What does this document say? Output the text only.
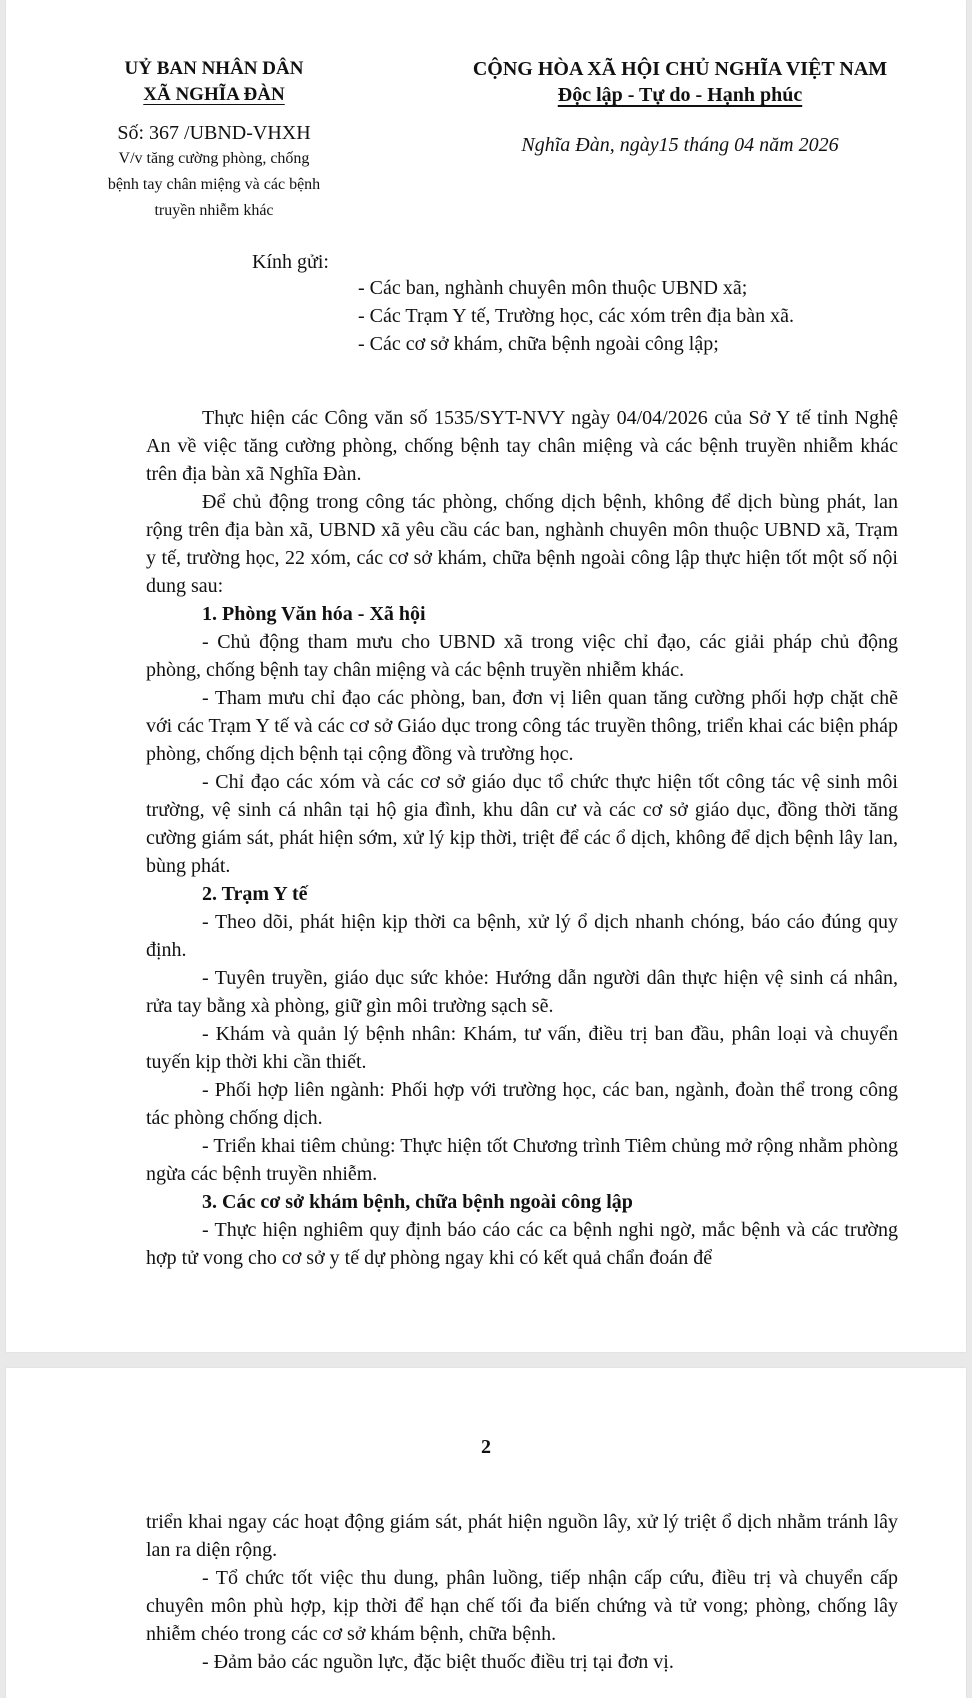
UỶ BAN NHÂN DÂN
XÃ NGHĨA ĐÀN
Số: 367 /UBND-VHXH
V/v tăng cường phòng, chống
bệnh tay chân miệng và các bệnh
truyền nhiễm khác
CỘNG HÒA XÃ HỘI CHỦ NGHĨA VIỆT NAM
Độc lập - Tự do - Hạnh phúc
Nghĩa Đàn, ngày15 tháng 04 năm 2026
Kính gửi:
- Các ban, nghành chuyên môn thuộc UBND xã;
- Các Trạm Y tế, Trường học, các xóm trên địa bàn xã.
- Các cơ sở khám, chữa bệnh ngoài công lập;

Thực hiện các Công văn số 1535/SYT-NVY ngày 04/04/2026 của Sở Y tế tỉnh Nghệ An về việc tăng cường phòng, chống bệnh tay chân miệng và các bệnh truyền nhiễm khác trên địa bàn xã Nghĩa Đàn.

Để chủ động trong công tác phòng, chống dịch bệnh, không để dịch bùng phát, lan rộng trên địa bàn xã, UBND xã yêu cầu các ban, nghành chuyên môn thuộc UBND xã, Trạm y tế, trường học, 22 xóm, các cơ sở khám, chữa bệnh ngoài công lập thực hiện tốt một số nội dung sau:

1. Phòng Văn hóa - Xã hội

- Chủ động tham mưu cho UBND xã trong việc chỉ đạo, các giải pháp chủ động phòng, chống bệnh tay chân miệng và các bệnh truyền nhiễm khác.

- Tham mưu chỉ đạo các phòng, ban, đơn vị liên quan tăng cường phối hợp chặt chẽ với các Trạm Y tế và các cơ sở Giáo dục trong công tác truyền thông, triển khai các biện pháp phòng, chống dịch bệnh tại cộng đồng và trường học.

- Chỉ đạo các xóm và các cơ sở giáo dục tổ chức thực hiện tốt công tác vệ sinh môi trường, vệ sinh cá nhân tại hộ gia đình, khu dân cư và các cơ sở giáo dục, đồng thời tăng cường giám sát, phát hiện sớm, xử lý kịp thời, triệt để các ổ dịch, không để dịch bệnh lây lan, bùng phát.

2. Trạm Y tế

- Theo dõi, phát hiện kịp thời ca bệnh, xử lý ổ dịch nhanh chóng, báo cáo đúng quy định.

- Tuyên truyền, giáo dục sức khỏe: Hướng dẫn người dân thực hiện vệ sinh cá nhân, rửa tay bằng xà phòng, giữ gìn môi trường sạch sẽ.

- Khám và quản lý bệnh nhân: Khám, tư vấn, điều trị ban đầu, phân loại và chuyển tuyến kịp thời khi cần thiết.

- Phối hợp liên ngành: Phối hợp với trường học, các ban, ngành, đoàn thể trong công tác phòng chống dịch.

- Triển khai tiêm chủng: Thực hiện tốt Chương trình Tiêm chủng mở rộng nhằm phòng ngừa các bệnh truyền nhiễm.

3. Các cơ sở khám bệnh, chữa bệnh ngoài công lập

- Thực hiện nghiêm quy định báo cáo các ca bệnh nghi ngờ, mắc bệnh và các trường hợp tử vong cho cơ sở y tế dự phòng ngay khi có kết quả chẩn đoán để

2

triển khai ngay các hoạt động giám sát, phát hiện nguồn lây, xử lý triệt ổ dịch nhằm tránh lây lan ra diện rộng.

- Tổ chức tốt việc thu dung, phân luồng, tiếp nhận cấp cứu, điều trị và chuyển cấp chuyên môn phù hợp, kịp thời để hạn chế tối đa biến chứng và tử vong; phòng, chống lây nhiễm chéo trong các cơ sở khám bệnh, chữa bệnh.

- Đảm bảo các nguồn lực, đặc biệt thuốc điều trị tại đơn vị.
